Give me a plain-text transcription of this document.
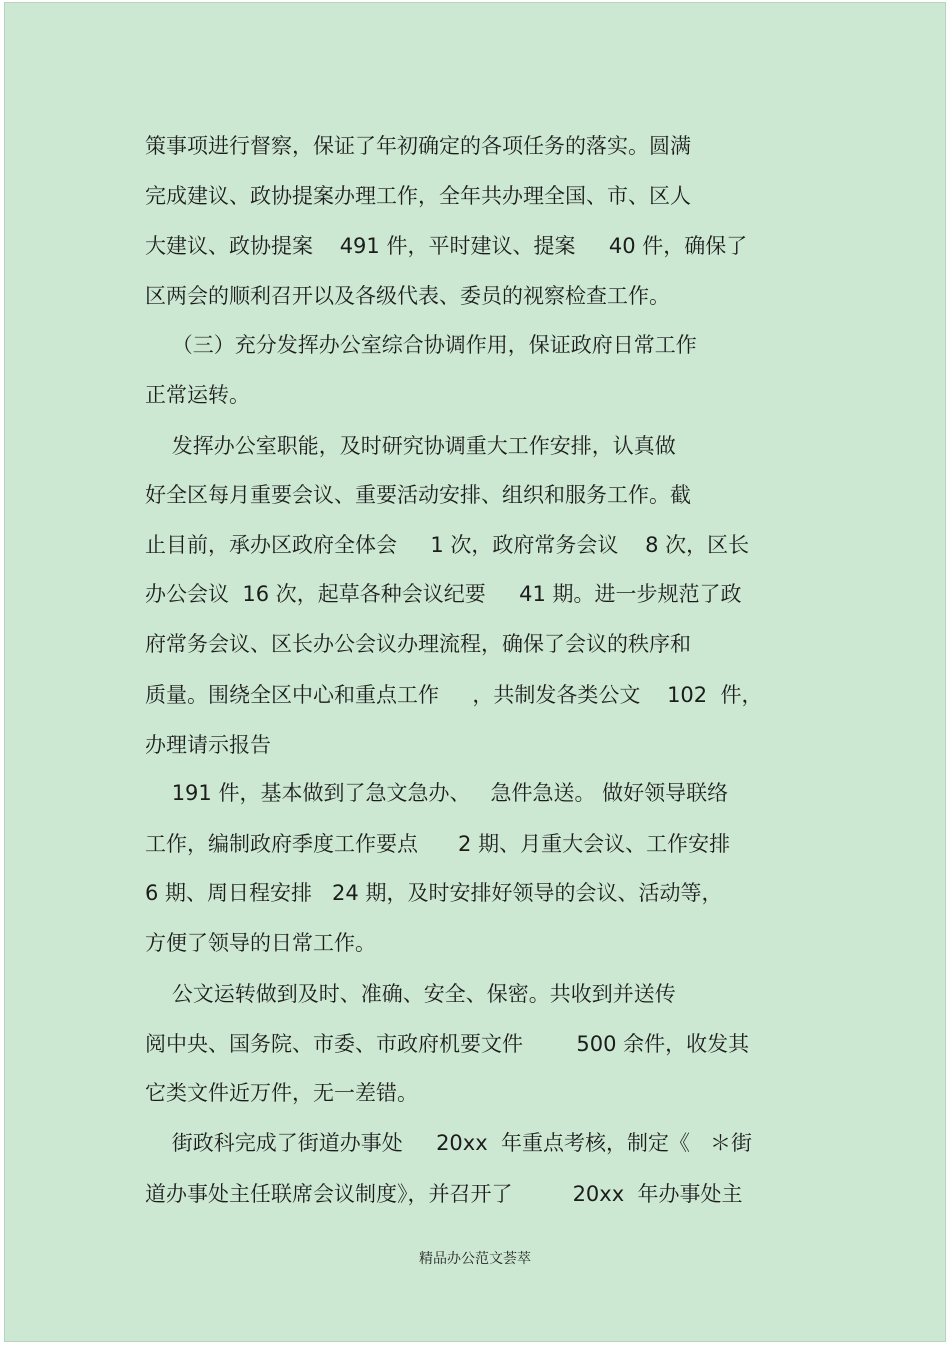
策事项进行督察，保证了年初确定的各项任务的落实。圆满
完成建议、政协提案办理工作，全年共办理全国、市、区人
大建议、政协提案    491 件，平时建议、提案     40 件，确保了
区两会的顺利召开以及各级代表、委员的视察检查工作。
（三）充分发挥办公室综合协调作用，保证政府日常工作
正常运转。
发挥办公室职能，及时研究协调重大工作安排，认真做
好全区每月重要会议、重要活动安排、组织和服务工作。截
止目前，承办区政府全体会     1 次，政府常务会议    8 次，区长
办公会议  16 次，起草各种会议纪要     41 期。进一步规范了政
府常务会议、区长办公会议办理流程，确保了会议的秩序和
质量。围绕全区中心和重点工作     ，共制发各类公文    102  件，
办理请示报告
191 件，基本做到了急文急办、   急件急送。 做好领导联络
工作，编制政府季度工作要点      2 期、月重大会议、工作安排
6 期、周日程安排   24 期，及时安排好领导的会议、活动等，
方便了领导的日常工作。
公文运转做到及时、准确、安全、保密。共收到并送传
阅中央、国务院、市委、市政府机要文件        500 余件，收发其
它类文件近万件，无一差错。
街政科完成了街道办事处     20xx  年重点考核，制定《   ＊街
道办事处主任联席会议制度》，并召开了         20xx  年办事处主
精品办公范文荟萃
